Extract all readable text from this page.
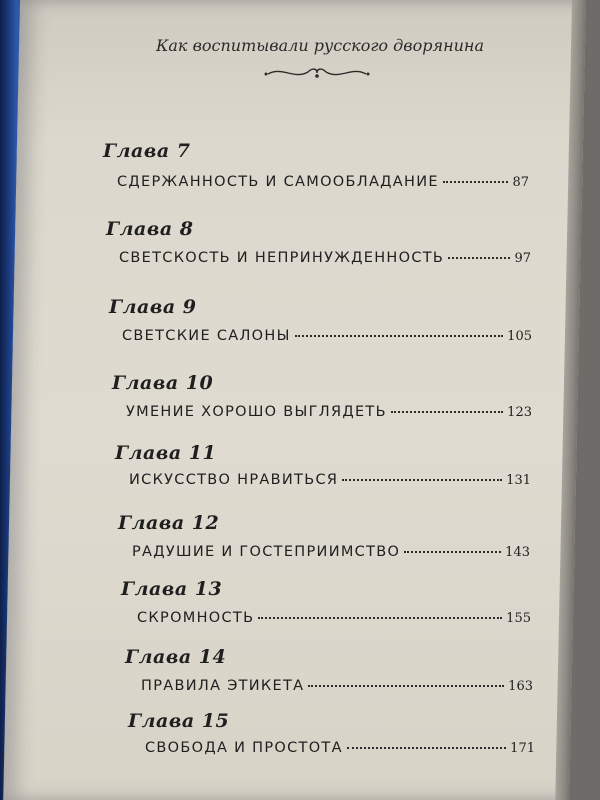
Как воспитывали русского дворянина
Глава 7
СДЕРЖАННОСТЬ И САМООБЛАДАНИЕ	87
Глава 8
СВЕТСКОСТЬ И НЕПРИНУЖДЕННОСТЬ	97
Глава 9
СВЕТСКИЕ САЛОНЫ	105
Глава 10
УМЕНИЕ ХОРОШО ВЫГЛЯДЕТЬ	123
Глава 11
ИСКУССТВО НРАВИТЬСЯ	131
Глава 12
РАДУШИЕ И ГОСТЕПРИИМСТВО	143
Глава 13
СКРОМНОСТЬ	155
Глава 14
ПРАВИЛА ЭТИКЕТА	163
Глава 15
СВОБОДА И ПРОСТОТА	171
